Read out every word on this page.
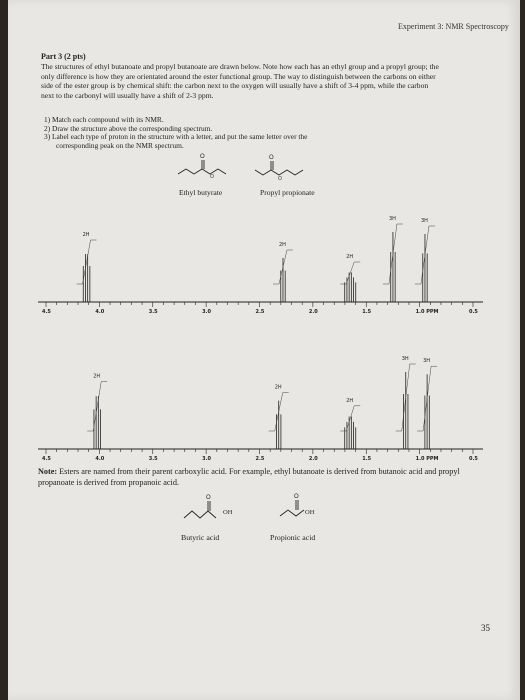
Experiment 3: NMR Spectroscopy
Part 3 (2 pts)
The structures of ethyl butanoate and propyl butanoate are drawn below. Note how each has an ethyl group and a propyl group; the only difference is how they are orientated around the ester functional group. The way to distinguish between the carbons on either side of the ester group is by chemical shift: the carbon next to the oxygen will usually have a shift of 3-4 ppm, while the carbon next to the carbonyl will usually have a shift of 2-3 ppm.
1) Match each compound with its NMR.
2) Draw the structure above the corresponding spectrum.
3) Label each type of proton in the structure with a letter, and put the same letter over the
corresponding peak on the NMR spectrum.
O
O
O
O
O	O
Ethyl butyrate	Propyl propionate
4.5	4.0	3.5	3.0	2.5	2.0	1.5	1.0 PPM	0.5
2H
2H
2H
3H	3H
4.5	4.0	3.5	3.0	2.5	2.0	1.5	1.0 PPM	0.5
2H
2H
2H
3H	3H
Note: Esters are named from their parent carboxylic acid. For example, ethyl butanoate is derived from butanoic acid and propyl propanoate is derived from propanoic acid.
OH	OH
Butyric acid	Propionic acid
35
